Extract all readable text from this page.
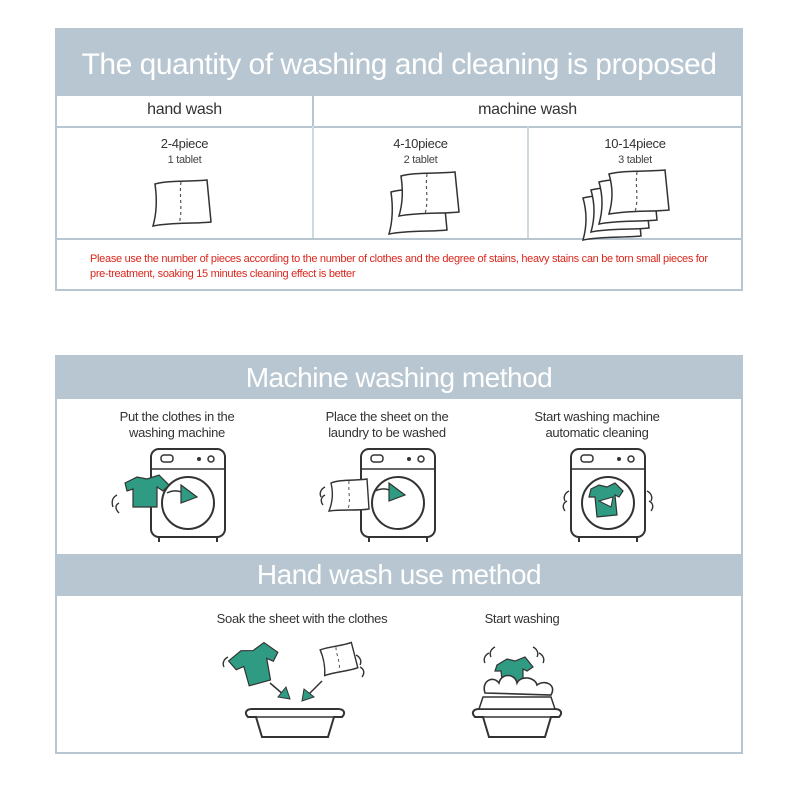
The quantity of washing and cleaning is proposed
hand wash	machine wash
2-4piece
1 tablet
4-10piece
2 tablet
10-14piece
3 tablet
Please use the number of pieces according to the number of clothes and the degree of stains, heavy stains can be torn small pieces for pre-treatment, soaking 15 minutes cleaning effect is better
Machine washing method
Put the clothes in the
washing machine
Place the sheet on the
laundry to be washed
Start washing machine
automatic cleaning
Hand wash use method
Soak the sheet with the clothes	Start washing
